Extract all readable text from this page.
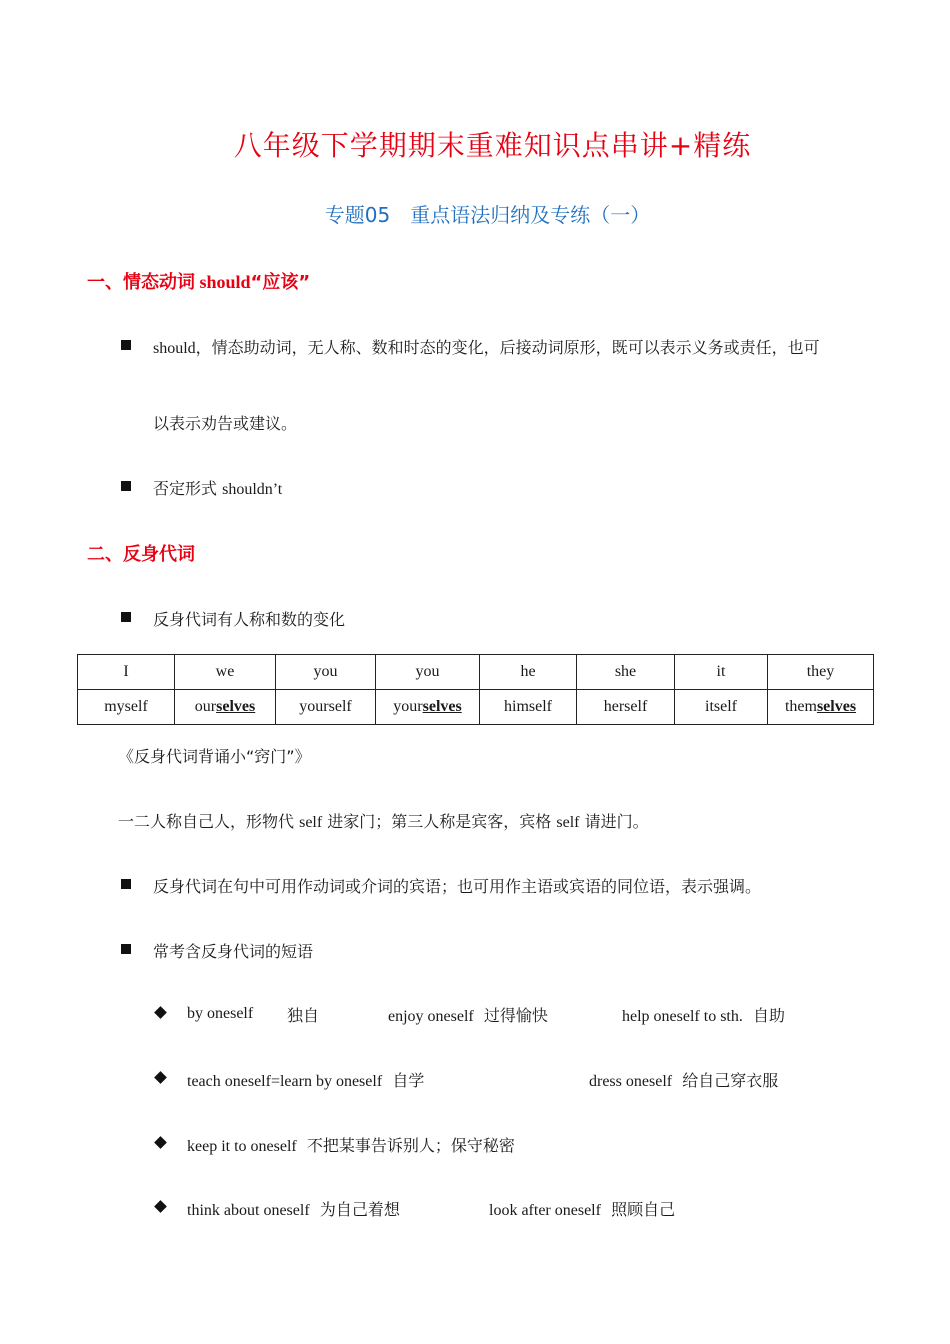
八年级下学期期末重难知识点串讲+精练
专题05　重点语法归纳及专练（一）
一、情态动词 should“应该”
should，情态助动词，无人称、数和时态的变化，后接动词原形，既可以表示义务或责任，也可
以表示劝告或建议。
否定形式 shouldn’t
二、反身代词
反身代词有人称和数的变化
I	we	you	you	he	she	it	they
myself	ourselves	yourself	yourselves	himself	herself	itself	themselves
《反身代词背诵小“窍门”》
一二人称自己人，形物代 self 进家门；第三人称是宾客，宾格 self 请进门。
反身代词在句中可用作动词或介词的宾语；也可用作主语或宾语的同位语，表示强调。
常考含反身代词的短语
by oneself 独自	enjoy oneself 过得愉快	help oneself to sth. 自助
teach oneself=learn by oneself 自学	dress oneself 给自己穿衣服
keep it to oneself 不把某事告诉别人；保守秘密
think about oneself 为自己着想	look after oneself 照顾自己
